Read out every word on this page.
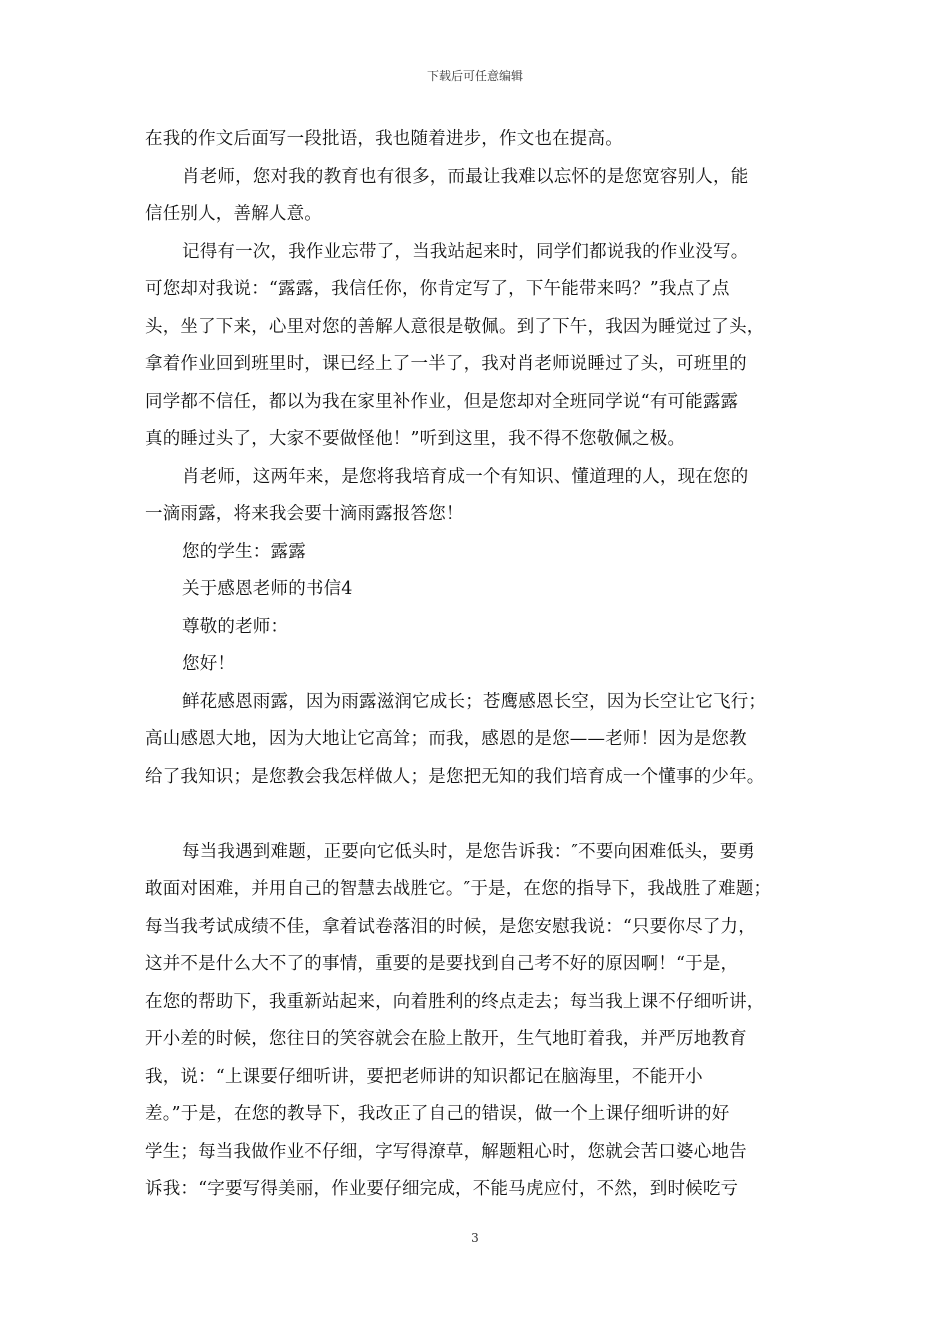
下载后可任意编辑
在我的作文后面写一段批语，我也随着进步，作文也在提高。
肖老师，您对我的教育也有很多，而最让我难以忘怀的是您宽容别人，能
信任别人，善解人意。
记得有一次，我作业忘带了，当我站起来时，同学们都说我的作业没写。
可您却对我说：“露露，我信任你，你肯定写了，下午能带来吗？”我点了点
头，坐了下来，心里对您的善解人意很是敬佩。到了下午，我因为睡觉过了头，
拿着作业回到班里时，课已经上了一半了，我对肖老师说睡过了头，可班里的
同学都不信任，都以为我在家里补作业，但是您却对全班同学说“有可能露露
真的睡过头了，大家不要做怪他！”听到这里，我不得不您敬佩之极。
肖老师，这两年来，是您将我培育成一个有知识、懂道理的人，现在您的
一滴雨露，将来我会要十滴雨露报答您！
您的学生：露露
关于感恩老师的书信4
尊敬的老师：
您好！
鲜花感恩雨露，因为雨露滋润它成长；苍鹰感恩长空，因为长空让它飞行；
高山感恩大地，因为大地让它高耸；而我，感恩的是您——老师！因为是您教
给了我知识；是您教会我怎样做人；是您把无知的我们培育成一个懂事的少年。
每当我遇到难题，正要向它低头时，是您告诉我：″不要向困难低头，要勇
敢面对困难，并用自己的智慧去战胜它。″于是，在您的指导下，我战胜了难题；
每当我考试成绩不佳，拿着试卷落泪的时候，是您安慰我说：“只要你尽了力，
这并不是什么大不了的事情，重要的是要找到自己考不好的原因啊！“于是，
在您的帮助下，我重新站起来，向着胜利的终点走去；每当我上课不仔细听讲，
开小差的时候，您往日的笑容就会在脸上散开，生气地盯着我，并严厉地教育
我，说：“上课要仔细听讲，要把老师讲的知识都记在脑海里，不能开小
差。”于是，在您的教导下，我改正了自己的错误，做一个上课仔细听讲的好
学生；每当我做作业不仔细，字写得潦草，解题粗心时，您就会苦口婆心地告
诉我：“字要写得美丽，作业要仔细完成，不能马虎应付，不然，到时候吃亏
3
